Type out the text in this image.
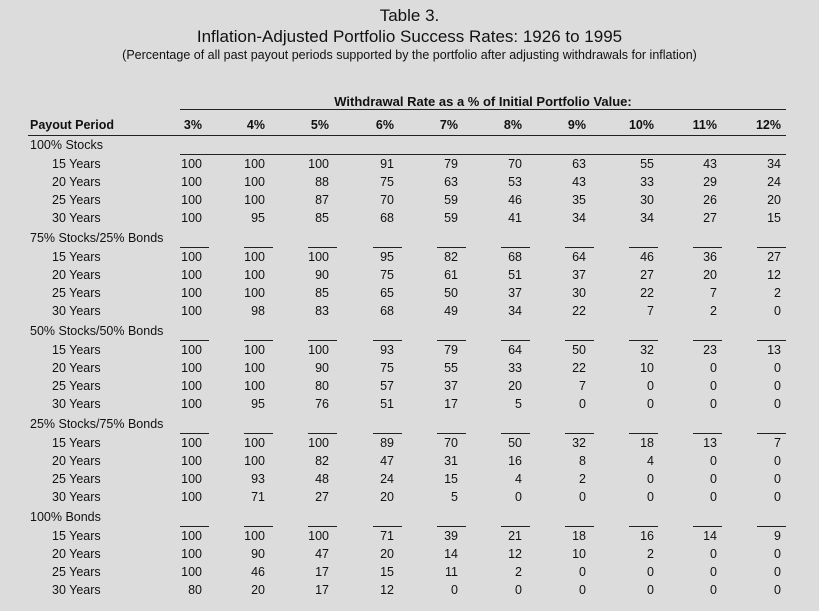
Table 3.
Inflation-Adjusted Portfolio Success Rates: 1926 to 1995
(Percentage of all past payout periods supported by the portfolio after adjusting withdrawals for inflation)
Withdrawal Rate as a % of Initial Portfolio Value:
Payout Period	3%	4%	5%	6%	7%	8%	9%	10%	11%	12%
100% Stocks
15 Years	100	100	100	91	79	70	63	55	43	34
20 Years	100	100	88	75	63	53	43	33	29	24
25 Years	100	100	87	70	59	46	35	30	26	20
30 Years	100	95	85	68	59	41	34	34	27	15
75% Stocks/25% Bonds
15 Years	100	100	100	95	82	68	64	46	36	27
20 Years	100	100	90	75	61	51	37	27	20	12
25 Years	100	100	85	65	50	37	30	22	7	2
30 Years	100	98	83	68	49	34	22	7	2	0
50% Stocks/50% Bonds
15 Years	100	100	100	93	79	64	50	32	23	13
20 Years	100	100	90	75	55	33	22	10	0	0
25 Years	100	100	80	57	37	20	7	0	0	0
30 Years	100	95	76	51	17	5	0	0	0	0
25% Stocks/75% Bonds
15 Years	100	100	100	89	70	50	32	18	13	7
20 Years	100	100	82	47	31	16	8	4	0	0
25 Years	100	93	48	24	15	4	2	0	0	0
30 Years	100	71	27	20	5	0	0	0	0	0
100% Bonds
15 Years	100	100	100	71	39	21	18	16	14	9
20 Years	100	90	47	20	14	12	10	2	0	0
25 Years	100	46	17	15	11	2	0	0	0	0
30 Years	80	20	17	12	0	0	0	0	0	0
